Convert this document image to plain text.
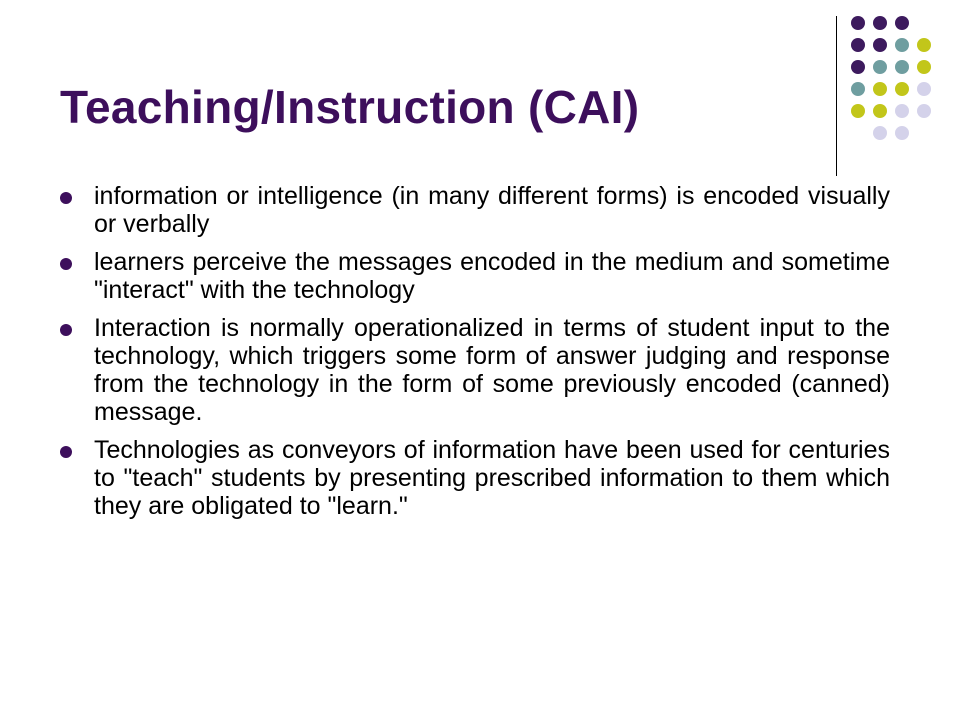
Teaching/Instruction (CAI)
information or intelligence (in many different forms) is encoded visually or verbally
learners perceive the messages encoded in the medium and sometime "interact" with the technology
Interaction is normally operationalized in terms of student input to the technology, which triggers some form of answer judging and response from the technology in the form of some previously encoded (canned) message.
Technologies as conveyors of information have been used for centuries to "teach" students by presenting prescribed information to them which they are obligated to "learn."
